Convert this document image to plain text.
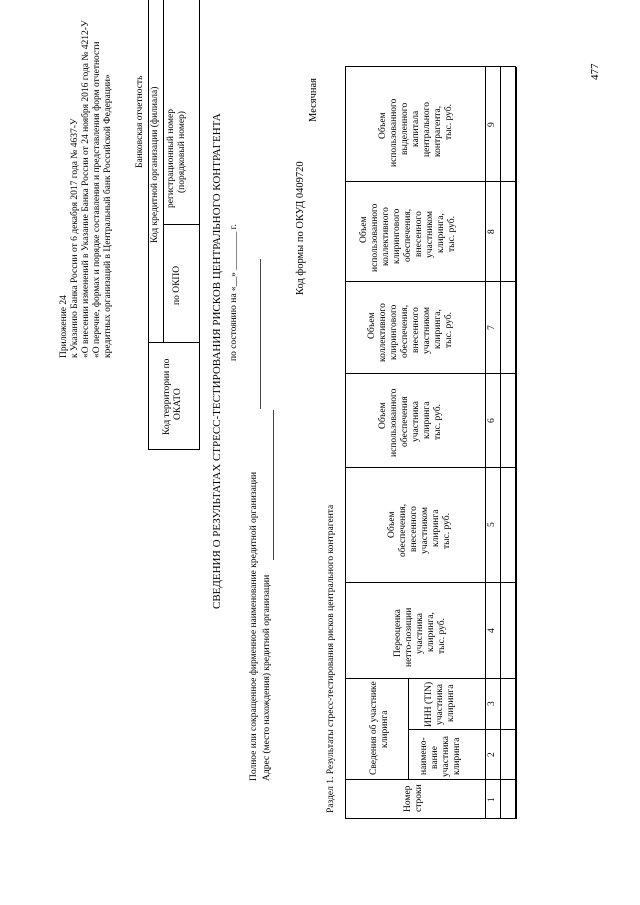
477
Приложение 24 к Указанию Банка России от 6 декабря 2017 года № 4637-У «О внесении изменений в Указание Банка России от 24 ноября 2016 года № 4212-У «О перечне, формах и порядке составления и представления форм отчетности кредитных организаций в Центральный банк Российской Федерации» Банковская отчетность
Код территории по ОКАТО
Код кредитной организации (филиала)
по ОКПО
регистрационный номер (порядковый номер) СВЕДЕНИЯ О РЕЗУЛЬТАТАХ СТРЕСС-ТЕСТИРОВАНИЯ РИСКОВ ЦЕНТРАЛЬНОГО КОНТРАГЕНТА по состоянию на «__» ________ г.
Полное или сокращенное фирменное наименование кредитной организации Адрес (место нахождения) кредитной организации
Код формы по ОКУД 0409720
Месячная
Раздел 1. Результаты стресс-тестирования рисков центрального контрагента	Номер строки
Сведения об участнике клиринга
наимено- вание участника клиринга
ИНН (TIN) участника клиринга
Переоценка нетто-позиции участника клиринга, тыс. руб.
Объем обеспечения, внесенного участником клиринга тыс. руб.
Объем использованного обеспечения участника клиринга тыс. руб.
Объем коллективного клирингового обеспечения, внесенного участником клиринга, тыс. руб.
Объем использованного коллективного клирингового обеспечения, внесенного участником клиринга, тыс. руб.
Объем использованного выделенного капитала центрального контрагента, тыс. руб.
1
2
3
4
5
6
7
8
9
